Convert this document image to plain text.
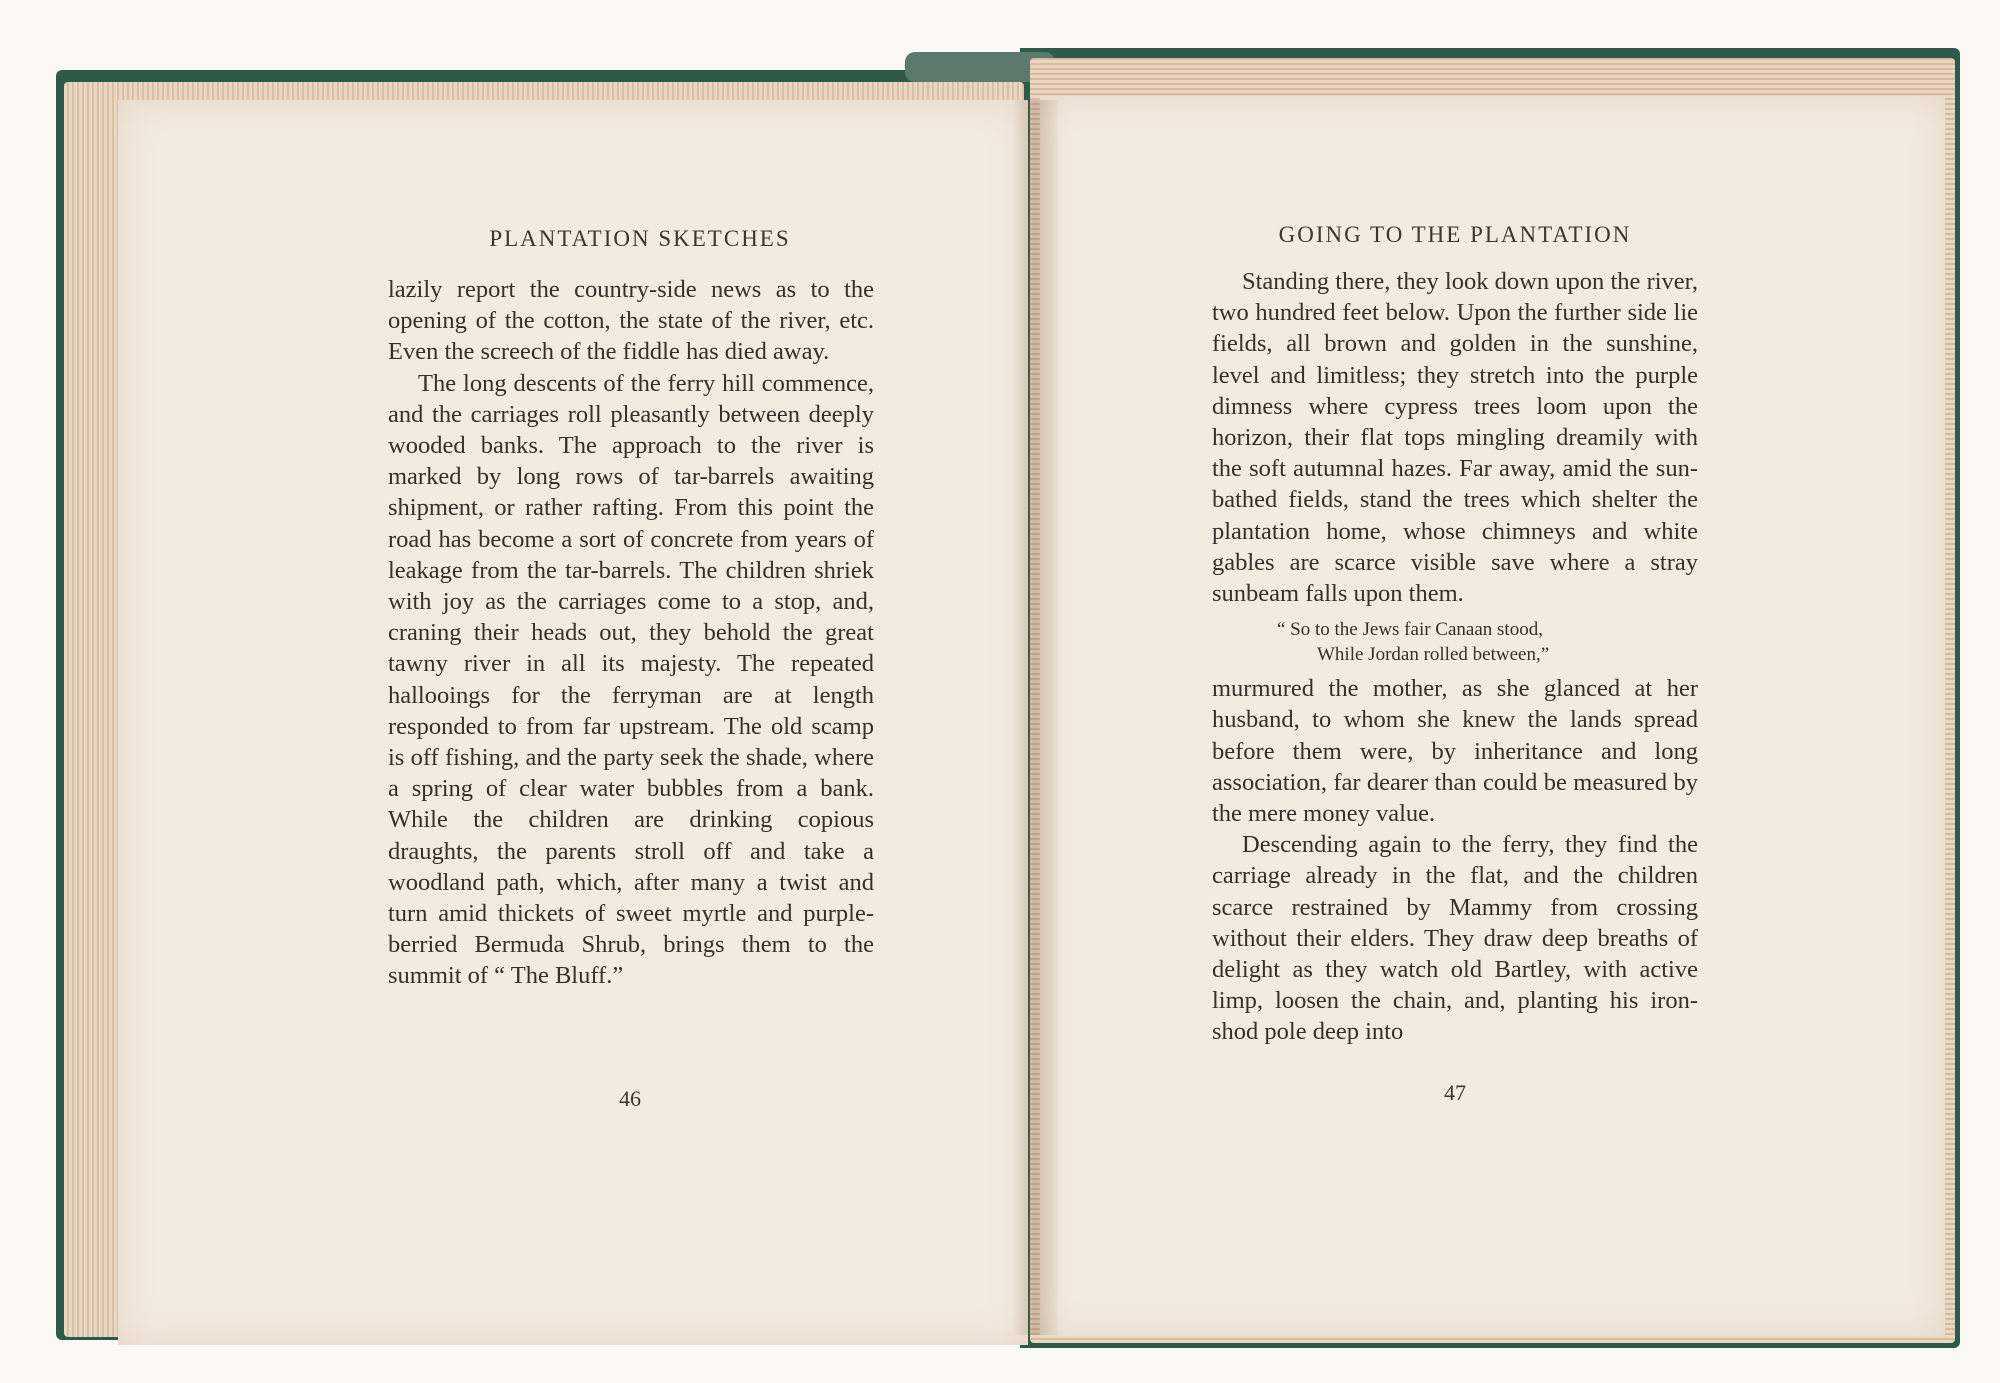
PLANTATION SKETCHES

lazily report the country-side news as to the opening of the cotton, the state of the river, etc. Even the screech of the fiddle has died away.

The long descents of the ferry hill commence, and the carriages roll pleasantly between deeply wooded banks. The approach to the river is marked by long rows of tar-barrels awaiting shipment, or rather rafting. From this point the road has become a sort of concrete from years of leakage from the tar-barrels. The children shriek with joy as the carriages come to a stop, and, craning their heads out, they behold the great tawny river in all its majesty. The repeated hallooings for the ferryman are at length responded to from far upstream. The old scamp is off fishing, and the party seek the shade, where a spring of clear water bubbles from a bank. While the children are drinking copious draughts, the parents stroll off and take a woodland path, which, after many a twist and turn amid thickets of sweet myrtle and purple-berried Bermuda Shrub, brings them to the summit of “ The Bluff.”

46
GOING TO THE PLANTATION

Standing there, they look down upon the river, two hundred feet below. Upon the further side lie fields, all brown and golden in the sunshine, level and limitless; they stretch into the purple dimness where cypress trees loom upon the horizon, their flat tops mingling dreamily with the soft autumnal hazes. Far away, amid the sun-bathed fields, stand the trees which shelter the plantation home, whose chimneys and white gables are scarce visible save where a stray sunbeam falls upon them.

“ So to the Jews fair Canaan stood,
While Jordan rolled between,”

murmured the mother, as she glanced at her husband, to whom she knew the lands spread before them were, by inheritance and long association, far dearer than could be measured by the mere money value.

Descending again to the ferry, they find the carriage already in the flat, and the children scarce restrained by Mammy from crossing without their elders. They draw deep breaths of delight as they watch old Bartley, with active limp, loosen the chain, and, planting his iron-shod pole deep into

47
